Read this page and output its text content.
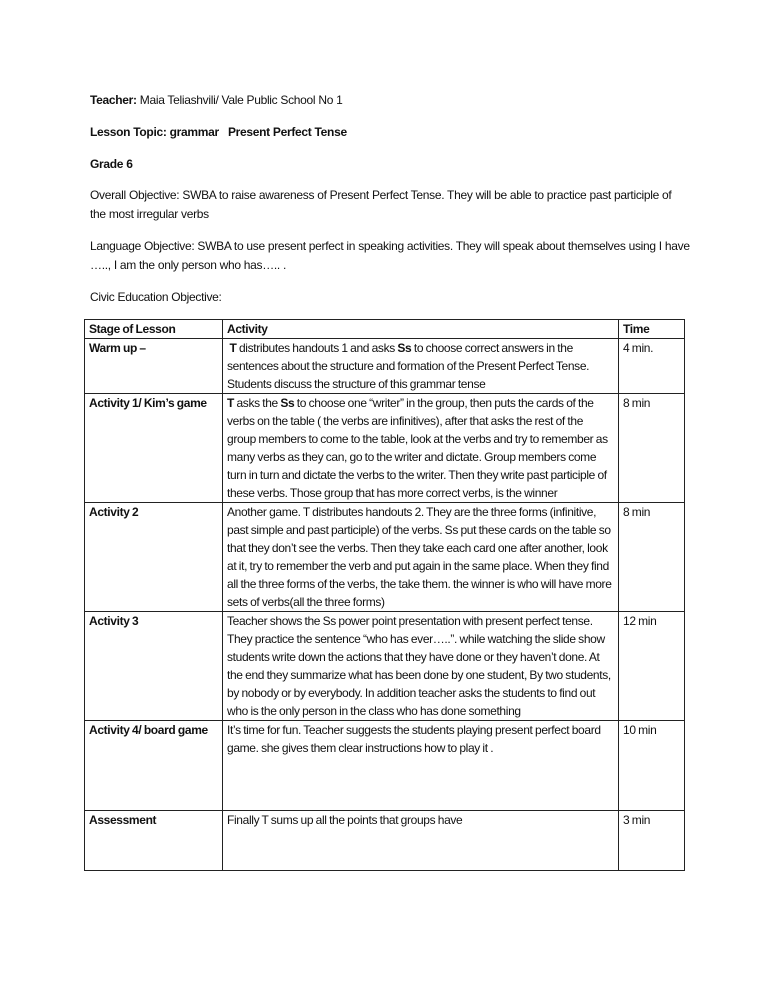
Teacher: Maia Teliashvili/ Vale Public School No 1
Lesson Topic: grammar Present Perfect Tense
Grade 6
Overall Objective: SWBA to raise awareness of Present Perfect Tense. They will be able to practice past participle of the most irregular verbs
Language Objective: SWBA to use present perfect in speaking activities. They will speak about themselves using I have ….., I am the only person who has….. .
Civic Education Objective:
Stage of Lesson	Activity	Time
Warm up –	T distributes handouts 1 and asks Ss to choose correct answers in the sentences about the structure and formation of the Present Perfect Tense. Students discuss the structure of this grammar tense	4 min.
Activity 1/ Kim’s game	T asks the Ss to choose one “writer” in the group, then puts the cards of the verbs on the table ( the verbs are infinitives), after that asks the rest of the group members to come to the table, look at the verbs and try to remember as many verbs as they can, go to the writer and dictate. Group members come turn in turn and dictate the verbs to the writer. Then they write past participle of these verbs. Those group that has more correct verbs, is the winner	8 min
Activity 2	Another game. T distributes handouts 2. They are the three forms (infinitive, past simple and past participle) of the verbs. Ss put these cards on the table so that they don’t see the verbs. Then they take each card one after another, look at it, try to remember the verb and put again in the same place. When they find all the three forms of the verbs, the take them. the winner is who will have more sets of verbs(all the three forms)	8 min
Activity 3	Teacher shows the Ss power point presentation with present perfect tense. They practice the sentence “who has ever…..”. while watching the slide show students write down the actions that they have done or they haven’t done. At the end they summarize what has been done by one student, By two students, by nobody or by everybody. In addition teacher asks the students to find out who is the only person in the class who has done something	12 min
Activity 4/ board game	It’s time for fun. Teacher suggests the students playing present perfect board game. she gives them clear instructions how to play it .	10 min
Assessment	Finally T sums up all the points that groups have	3 min
